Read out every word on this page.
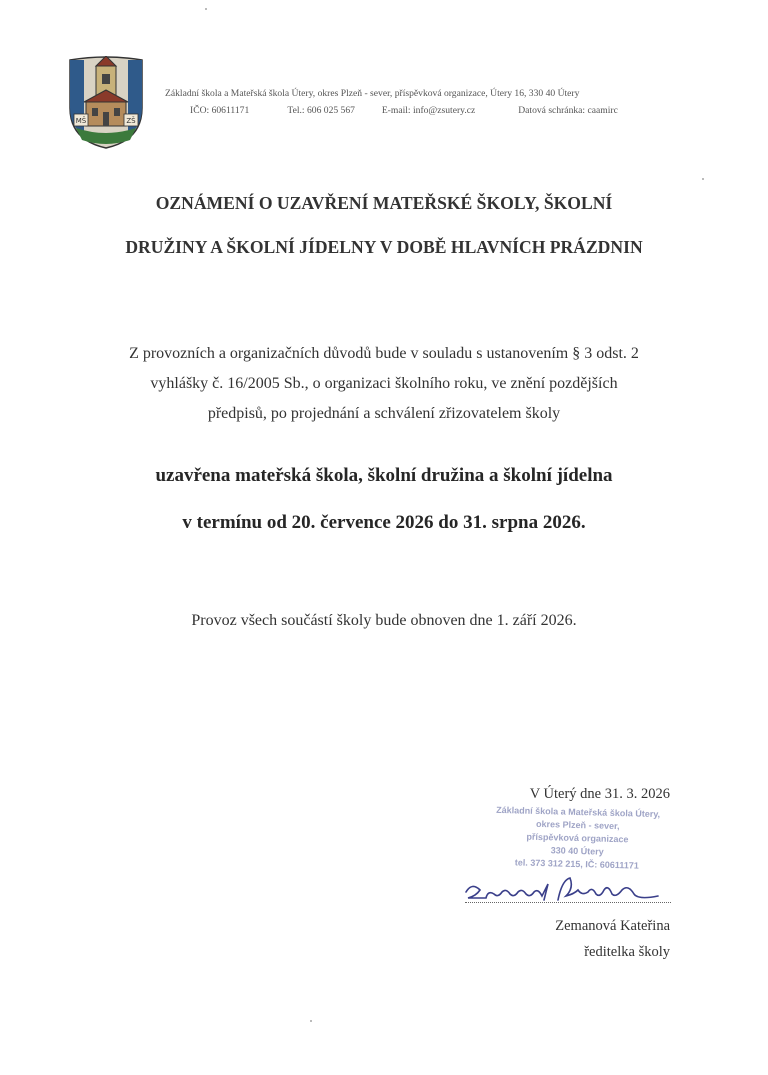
MŠ	ZŠ
Základní škola a Mateřská škola Útery, okres Plzeň - sever, příspěvková organizace, Útery 16, 330 40 Útery
IČO: 60611171	Tel.: 606 025 567	E-mail: info@zsutery.cz	Datová schránka: caamirc
OZNÁMENÍ O UZAVŘENÍ MATEŘSKÉ ŠKOLY, ŠKOLNÍ
DRUŽINY A ŠKOLNÍ JÍDELNY V DOBĚ HLAVNÍCH PRÁZDNIN
Z provozních a organizačních důvodů bude v souladu s ustanovením § 3 odst. 2
vyhlášky č. 16/2005 Sb., o organizaci školního roku, ve znění pozdějších
předpisů, po projednání a schválení zřizovatelem školy
uzavřena mateřská škola, školní družina a školní jídelna
v termínu od 20. července 2026 do 31. srpna 2026.
Provoz všech součástí školy bude obnoven dne 1. září 2026.
V Úterý dne 31. 3. 2026
Základní škola a Mateřská škola Útery,
okres Plzeň - sever,
příspěvková organizace
330 40 Útery
tel. 373 312 215, IČ: 60611171
Zemanová Kateřina
ředitelka školy
